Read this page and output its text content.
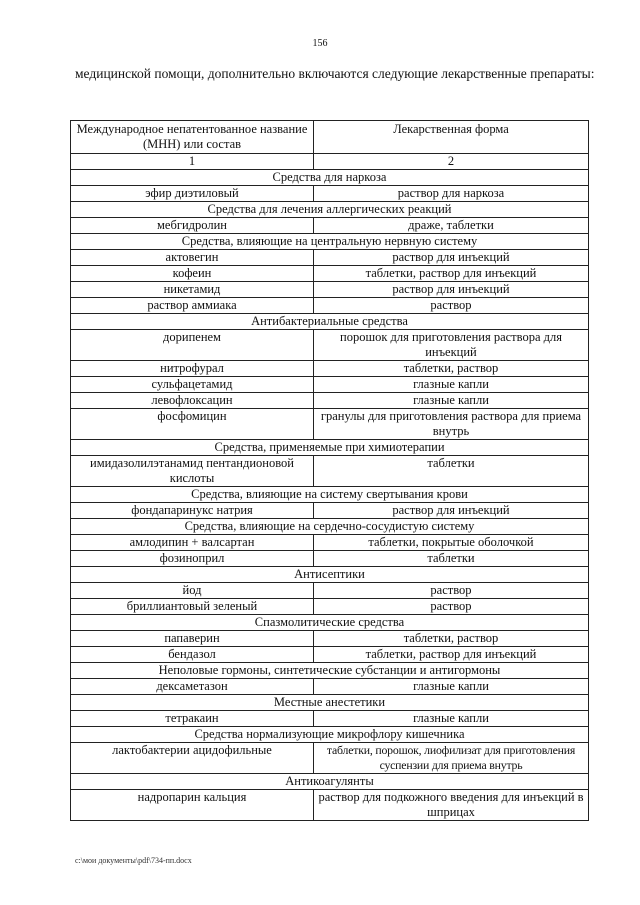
156
медицинской помощи, дополнительно включаются следующие лекарственные препараты:
Международное непатентованное название (МНН) или состав	Лекарственная форма
1	2
Средства для наркоза	
эфир диэтиловый	раствор для наркоза
Средства для лечения аллергических реакций	
мебгидролин	драже, таблетки
Средства, влияющие на центральную нервную систему	
актовегин	раствор для инъекций
кофеин	таблетки, раствор для инъекций
никетамид	раствор для инъекций
раствор аммиака	раствор
Антибактериальные средства	
дорипенем	порошок для приготовления раствора для инъекций
нитрофурал	таблетки, раствор
сульфацетамид	глазные капли
левофлоксацин	глазные капли
фосфомицин	гранулы для приготовления раствора для приема внутрь
Средства, применяемые при химиотерапии	
имидазолилэтанамид пентандионовой кислоты	таблетки
Средства, влияющие на систему свертывания крови	
фондапаринукс натрия	раствор для инъекций
Средства, влияющие на сердечно-сосудистую систему	
амлодипин + валсартан	таблетки, покрытые оболочкой
фозиноприл	таблетки
Антисептики	
йод	раствор
бриллиантовый зеленый	раствор
Спазмолитические средства	
папаверин	таблетки, раствор
бендазол	таблетки, раствор для инъекций
Неполовые гормоны, синтетические субстанции и антигормоны	
дексаметазон	глазные капли
Местные анестетики	
тетракаин	глазные капли
Средства нормализующие микрофлору кишечника	
лактобактерии ацидофильные	таблетки, порошок, лиофилизат для приготовления суспензии для приема внутрь
Антикоагулянты	
надропарин кальция	раствор для подкожного введения для инъекций в шприцах
c:\мои документы\pdf\734-пп.docx
